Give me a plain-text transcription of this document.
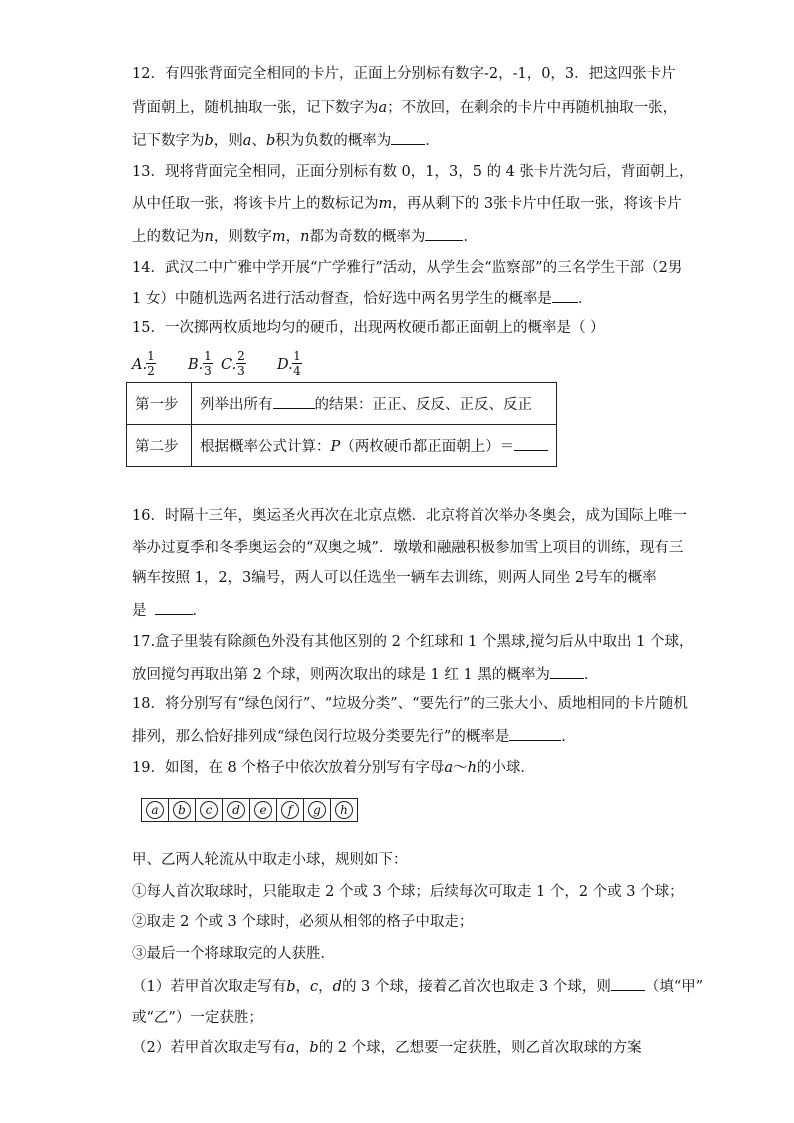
12．有四张背面完全相同的卡片，正面上分别标有数字-2，-1，0，3．把这四张卡片
背面朝上，随机抽取一张，记下数字为a；不放回，在剩余的卡片中再随机抽取一张，
记下数字为b，则a、b积为负数的概率为 ．
13．现将背面完全相同，正面分别标有数 0，1，3，5 的 4 张卡片洗匀后，背面朝上，
从中任取一张，将该卡片上的数标记为m，再从剩下的 3张卡片中任取一张，将该卡片
上的数记为n，则数字m，n都为奇数的概率为	．
14．武汉二中广雅中学开展“广学雅行”活动，从学生会“监察部”的三名学生干部（2男
1 女）中随机选两名进行活动督查，恰好选中两名男学生的概率是 ．
15．一次掷两枚质地均匀的硬币，出现两枚硬币都正面朝上的概率是（ ）
A.
$\frac{1}{2} B$. $\frac{1}{3} C$. $\frac{2}{3} D$. $\frac{1}{4}$
第一步	列举出所有 的结果：正正、反反、正反、反正
第二步	根据概率公式计算：P（两枚硬币都正面朝上）＝
16．时隔十三年，奥运圣火再次在北京点燃．北京将首次举办冬奥会，成为国际上唯一
举办过夏季和冬季奥运会的“双奥之城”．墩墩和融融积极参加雪上项目的训练，现有三
辆车按照 1，2，3编号，两人可以任选坐一辆车去训练，则两人同坐 2号车的概率
是	．
17.盒子里装有除颜色外没有其他区别的 2 个红球和 1 个黑球,搅匀后从中取出 1 个球，
放回搅匀再取出第 2 个球，则两次取出的球是 1 红 1 黑的概率为 ．
18．将分别写有“绿色闵行”、“垃圾分类”、“要先行”的三张大小、质地相同的卡片随机
排列，那么恰好排列成“绿色闵行垃圾分类要先行”的概率是	．
19．如图，在 8 个格子中依次放着分别写有字母a～h的小球．
a	b	c	d	e	f	g	h
甲、乙两人轮流从中取走小球，规则如下：
①每人首次取球时，只能取走 2 个或 3 个球；后续每次可取走 1 个，2 个或 3 个球；
②取走 2 个或 3 个球时，必须从相邻的格子中取走；
③最后一个将球取完的人获胜．
（1）若甲首次取走写有b，c，d的 3 个球，接着乙首次也取走 3 个球，则 （填“甲”
或“乙”）一定获胜；
（2）若甲首次取走写有a，b的 2 个球，乙想要一定获胜，则乙首次取球的方案
